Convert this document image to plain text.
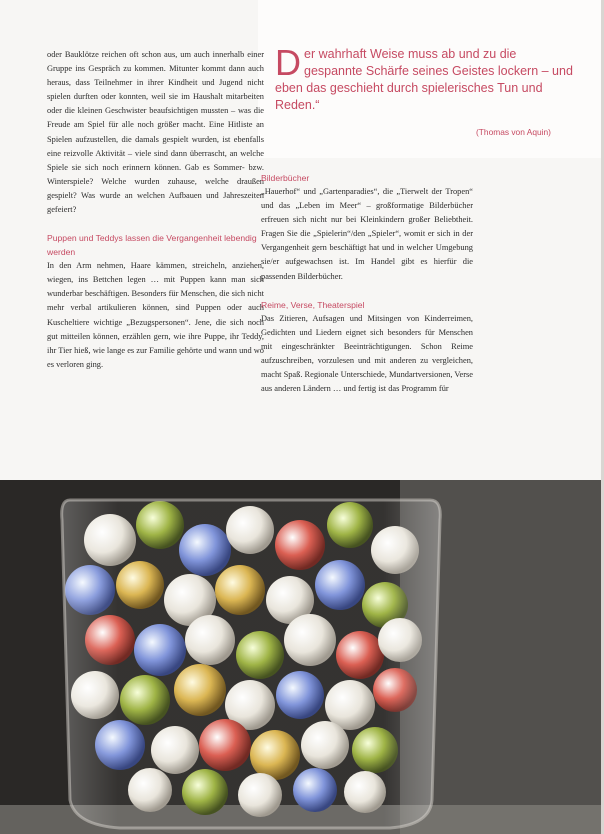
D er wahrhaft Weise muss ab und zu die gespannte Schärfe seines Geistes lockern – und eben das geschieht durch spielerisches Tun und Reden.“
(Thomas von Aquin)

oder Bauklötze reichen oft schon aus, um auch innerhalb einer Gruppe ins Gespräch zu kommen. Mitunter kommt dann auch heraus, dass Teilnehmer in ihrer Kindheit und Jugend nicht spielen durften oder konnten, weil sie im Haushalt mitarbeiten oder die kleinen Geschwister beaufsichtigen mussten – was die Freude am Spiel für alle noch größer macht. Eine Hitliste an Spielen aufzustellen, die damals gespielt wurden, ist ebenfalls eine reizvolle Aktivität – viele sind dann überrascht, an welche Spiele sie sich noch erinnern können. Gab es Sommer- bzw. Winterspiele? Welche wurden zuhause, welche draußen gespielt? Was wurde an welchen Aufbauen und Jahreszeiten gefeiert?

Puppen und Teddys lassen die Vergangenheit lebendig werden

In den Arm nehmen, Haare kämmen, streicheln, anziehen, wiegen, ins Bettchen legen … mit Puppen kann man sich wunderbar beschäftigen. Besonders für Menschen, die sich nicht mehr verbal artikulieren können, sind Puppen oder auch Kuscheltiere wichtige „Bezugspersonen“. Jene, die sich noch gut mitteilen können, erzählen gern, wie ihre Puppe, ihr Teddy, ihr Tier hieß, wie lange es zur Familie gehörte und wann und wo es verloren ging.

Bilderbücher

„Hauerhof“ und „Gartenparadies“, die „Tierwelt der Tropen“ und das „Leben im Meer“ – großformatige Bilderbücher erfreuen sich nicht nur bei Kleinkindern großer Beliebtheit. Fragen Sie die „Spielerin“/den „Spieler“, womit er sich in der Vergangenheit gern beschäftigt hat und in welcher Umgebung sie/er aufgewachsen ist. Im Handel gibt es hierfür die passenden Bilderbücher.

Reime, Verse, Theaterspiel

Das Zitieren, Aufsagen und Mitsingen von Kinderreimen, Gedichten und Liedern eignet sich besonders für Menschen mit eingeschränkter Beeinträchtigungen. Schon Reime aufzuschreiben, vorzulesen und mit anderen zu vergleichen, macht Spaß. Regionale Unterschiede, Mundartversionen, Verse aus anderen Ländern … und fertig ist das Programm für
